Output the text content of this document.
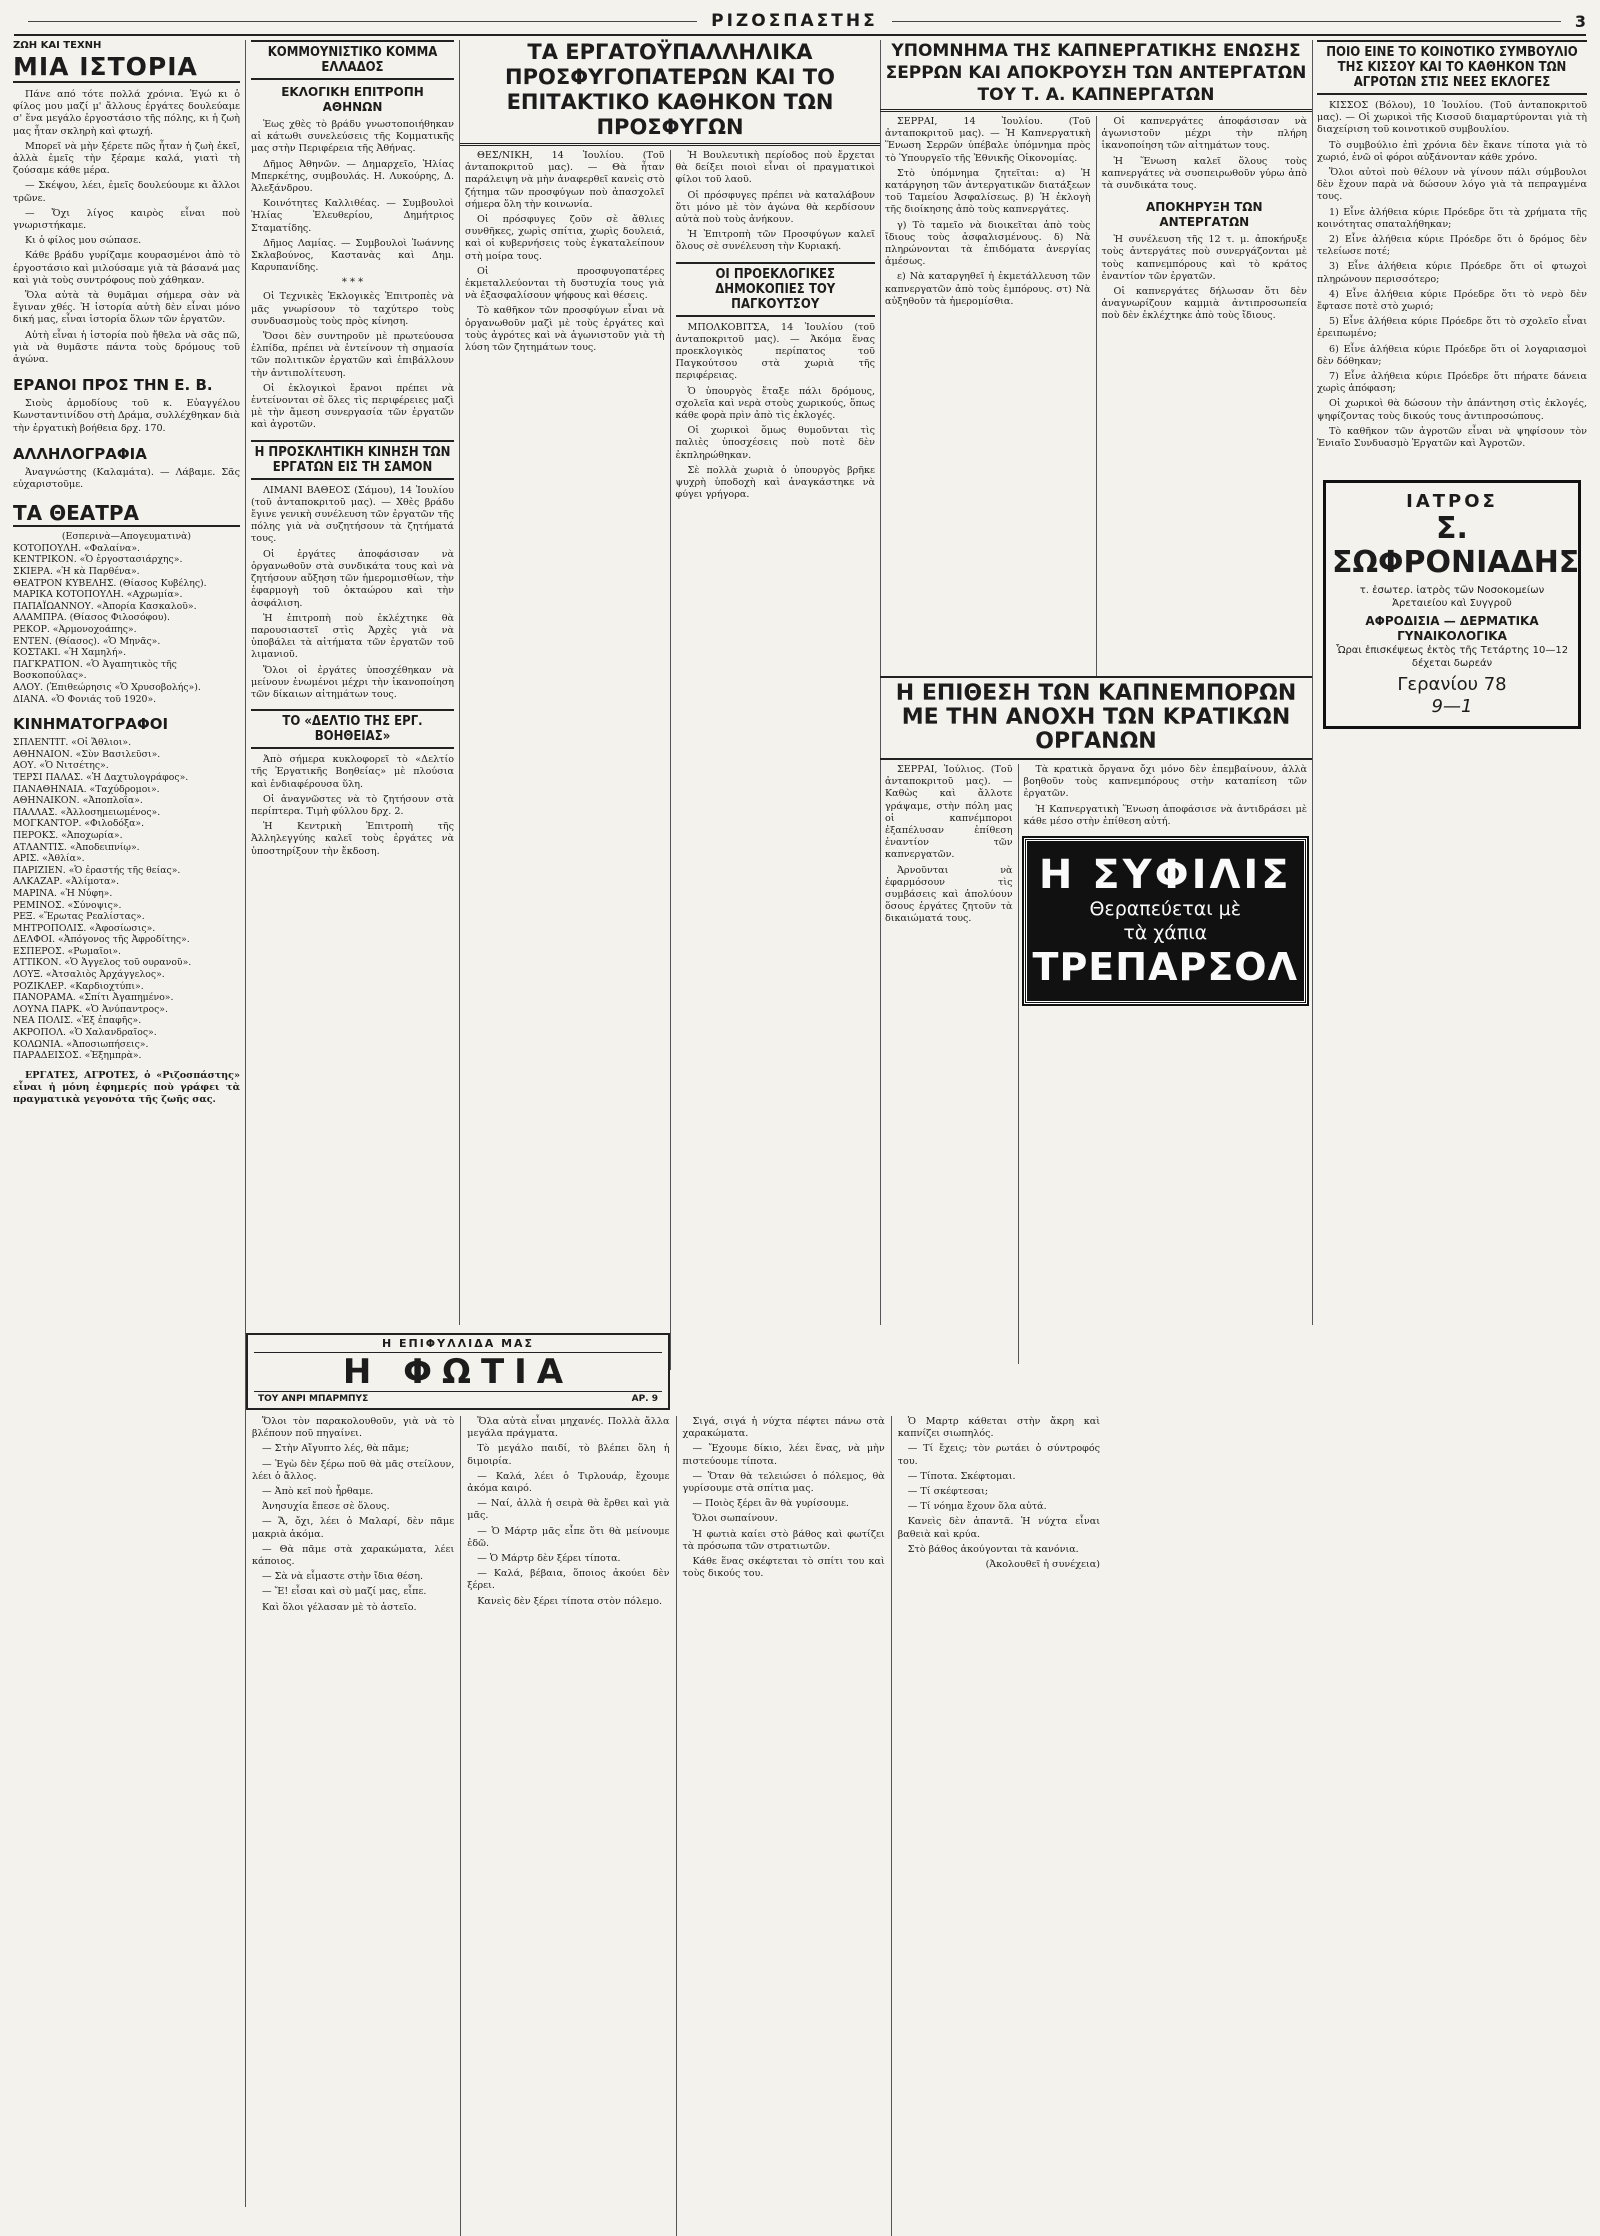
ΡΙΖΟΣΠΑΣΤΗΣ	3
ΖΩΗ ΚΑΙ ΤΕΧΝΗ
ΜΙΑ ΙΣΤΟΡΙΑ

Πάνε από τότε πολλά χρόνια. Ἐγώ κι ὁ φίλος μου μαζί μ' ἄλλους ἐργάτες δουλεύαμε σ' ἕνα μεγάλο ἐργοστάσιο τῆς πόλης, κι ἡ ζωὴ μας ἦταν σκληρὴ καὶ φτωχή.

Μπορεῖ νὰ μὴν ξέρετε πῶς ἦταν ἡ ζωὴ ἐκεῖ, ἀλλὰ ἐμεῖς τὴν ξέραμε καλά, γιατὶ τὴ ζούσαμε κάθε μέρα.

— Σκέψου, λέει, ἐμεῖς δουλεύουμε κι ἄλλοι τρῶνε.

— Ὄχι λίγος καιρὸς εἶναι ποὺ γνωριστήκαμε.

Κι ὁ φίλος μου σώπασε.

Κάθε βράδυ γυρίζαμε κουρασμένοι ἀπὸ τὸ ἐργοστάσιο καὶ μιλούσαμε γιὰ τὰ βάσανά μας καὶ γιὰ τοὺς συντρόφους ποὺ χάθηκαν.

Ὅλα αὐτὰ τὰ θυμᾶμαι σήμερα σὰν νὰ ἔγιναν χθές. Ἡ ἱστορία αὐτὴ δὲν εἶναι μόνο δική μας, εἶναι ἱστορία ὅλων τῶν ἐργατῶν.

Αὐτὴ εἶναι ἡ ἱστορία ποὺ ἤθελα νὰ σᾶς πῶ, γιὰ νὰ θυμᾶστε πάντα τοὺς δρόμους τοῦ ἀγώνα.

ΕΡΑΝΟΙ ΠΡΟΣ ΤΗΝ Ε. Β.

Σιοὺς ἀρμοδίους τοῦ κ. Εὐαγγέλου Κωνσταντινίδου στὴ Δράμα, συλλέχθηκαν διὰ τὴν ἐργατικὴ βοήθεια δρχ. 170.

ΑΛΛΗΛΟΓΡΑΦΙΑ

Ἀναγνώστης (Καλαμάτα). — Λάβαμε. Σᾶς εὐχαριστοῦμε.

ΤΑ ΘΕΑΤΡΑ
(Εσπερινὰ—Απογευματινὰ)

ΚΟΤΟΠΟΥΛΗ. «Φαλαίνα».

ΚΕΝΤΡΙΚΟΝ. «Ὁ ἐργοστασιάρχης».

ΣΚΙΕΡΑ. «Ἡ κὰ Παρθένα».

ΘΕΑΤΡΟΝ ΚΥΒΕΛΗΣ. (Θίασος Κυβέλης).

ΜΑΡΙΚΑ ΚΟΤΟΠΟΥΛΗ. «Αχρωμία».

ΠΑΠΑΪΩΑΝΝΟΥ. «Ἀπορία Κασκαλοῦ».

ΑΛΑΜΠΡΑ. (Θίασος Φιλοσόφου).

ΡΕΚΟΡ. «Ἀρμονοχοάπης».

ΕΝΤΕΝ. (Θίασος). «Ὁ Μηνᾶς».

ΚΟΣΤΑΚΙ. «Ἡ Χαμηλή».

ΠΑΓΚΡΑΤΙΟΝ. «Ὁ Ἀγαπητικὸς τῆς Βοσκοπούλας».

ΑΛΟΥ. (Ἐπιθεώρησις «Ὁ Χρυσοβολής»).

ΔΙΑΝΑ. «Ὁ Φονιάς τοῦ 1920».

ΚΙΝΗΜΑΤΟΓΡΑΦΟΙ

ΣΠΛΕΝΤΙΤ. «Οἱ Ἄθλιοι».

ΑΘΗΝΑΙΟΝ. «Σὺν Βασιλεῦσι».

ΑΟΥ. «Ὁ Νιτσέτης».

ΤΕΡΣΙ ΠΑΛΑΣ. «Ἡ Δαχτυλογράφος».

ΠΑΝΑΘΗΝΑΙΑ. «Ταχύδρομοι».

ΑΘΗΝΑΙΚΟΝ. «Ἀποπλοΐα».

ΠΑΛΛΑΣ. «Ἀλλοσημειωμένος».

ΜΟΓΚΑΝΤΟΡ. «Φιλοδόξα».

ΠΕΡΟΚΣ. «Ἀποχωρία».

ΑΤΛΑΝΤΙΣ. «Ἀποδειπνίῳ».

ΑΡΙΣ. «Ἀθλία».

ΠΑΡΙΖΙΕΝ. «Ὁ ἐραστής τῆς θείας».

ΑΛΚΑΖΑΡ. «Ἀλίμοτα».

ΜΑΡΙΝΑ. «Ἡ Νύφη».

ΡΕΜΙΝΟΣ. «Σύνοψις».

ΡΕΞ. «Ἔρωτας Ρεαλίστας».

ΜΗΤΡΟΠΟΛΙΣ. «Ἀφοσίωσις».

ΔΕΛΦΟΙ. «Ἀπόγονος τῆς Ἀφροδίτης».

ΕΣΠΕΡΟΣ. «Ρωμαῖοι».

ΑΤΤΙΚΟΝ. «Ὁ Ἀγγελος τοῦ ουρανοῦ».

ΛΟΥΞ. «Ἀτσαλιὸς Ἀρχάγγελος».

ΡΟΖΙΚΛΕΡ. «Καρδιοχτύπι».

ΠΑΝΟΡΑΜΑ. «Σπίτι Ἀγαπημένο».

ΛΟΥΝΑ ΠΑΡΚ. «Ὁ Ἀνύπαντρος».

ΝΕΑ ΠΟΛΙΣ. «Ἐξ ἐπαφῆς».

ΑΚΡΟΠΟΛ. «Ὁ Χαλανδραῖος».

ΚΟΛΩΝΙΑ. «Ἀποσιωπήσεις».

ΠΑΡΑΔΕΙΣΟΣ. «Ἐξημπρὰ».

ΕΡΓΑΤΕΣ, ΑΓΡΟΤΕΣ, ὁ «Ριζοσπάστης» εἶναι ἡ μόνη ἐφημερίς ποὺ γράφει τὰ πραγματικὰ γεγονότα τῆς ζωῆς σας.

ΚΟΜΜΟΥΝΙΣΤΙΚΟ ΚΟΜΜΑ ΕΛΛΑΔΟΣ
ΕΚΛΟΓΙΚΗ ΕΠΙΤΡΟΠΗ ΑΘΗΝΩΝ

Ἐως χθὲς τὸ βράδυ γνωστοποιήθηκαν αἱ κάτωθι συνελεύσεις τῆς Κομματικῆς μας στὴν Περιφέρεια τῆς Ἀθήνας.

Δῆμος Ἀθηνῶν. — Δημαρχεῖο, Ἠλίας Μπερκέτης, συμβουλάς. Η. Λυκούρης, Δ. Ἀλεξάνδρου.

Κοινότητες Καλλιθέας. — Συμβουλοὶ Ἠλίας Ἐλευθερίου, Δημήτριος Σταματίδης.

Δῆμος Λαμίας. — Συμβουλοὶ Ἰωάννης Σκλαβούνος, Καστανὰς καὶ Δημ. Καρυπανίδης.

* * *

Οἱ Τεχνικὲς Ἐκλογικὲς Ἐπιτροπὲς νὰ μᾶς γνωρίσουν τὸ ταχύτερο τοὺς συνδυασμοὺς τοὺς πρὸς κίνηση.

Ὅσοι δὲν συντηροῦν μὲ πρωτεύουσα ἐλπίδα, πρέπει νὰ ἐντείνουν τὴ σημασία τῶν πολιτικῶν ἐργατῶν καὶ ἐπιβάλλουν τὴν ἀντιπολίτευση.

Οἱ ἐκλογικοὶ ἔρανοι πρέπει νὰ ἐντείνονται σὲ ὅλες τὶς περιφέρειες μαζὶ μὲ τὴν ἄμεση συνεργασία τῶν ἐργατῶν καὶ ἀγροτῶν.

Η ΠΡΟΣΚΛΗΤΙΚΗ ΚΙΝΗΣΗ ΤΩΝ ΕΡΓΑΤΩΝ ΕΙΣ ΤΗ ΣΑΜΟΝ

ΛΙΜΑΝΙ ΒΑΘΕΟΣ (Σάμου), 14 Ἰουλίου (τοῦ ἀνταποκριτοῦ μας). — Χθὲς βράδυ ἔγινε γενικὴ συνέλευση τῶν ἐργατῶν τῆς πόλης γιὰ νὰ συζητήσουν τὰ ζητήματά τους.

Οἱ ἐργάτες ἀποφάσισαν νὰ ὀργανωθοῦν στὰ συνδικάτα τους καὶ νὰ ζητήσουν αὔξηση τῶν ἡμερομισθίων, τὴν ἐφαρμογὴ τοῦ ὀκταώρου καὶ τὴν ἀσφάλιση.

Ἡ ἐπιτροπὴ ποὺ ἐκλέχτηκε θὰ παρουσιαστεῖ στὶς Ἀρχὲς γιὰ νὰ ὑποβάλει τὰ αἰτήματα τῶν ἐργατῶν τοῦ λιμανιοῦ.

Ὅλοι οἱ ἐργάτες ὑποσχέθηκαν νὰ μείνουν ἑνωμένοι μέχρι τὴν ἱκανοποίηση τῶν δίκαιων αἰτημάτων τους.

ΤΟ «ΔΕΛΤΙΟ ΤΗΣ ΕΡΓ. ΒΟΗΘΕΙΑΣ»

Ἀπὸ σήμερα κυκλοφορεῖ τὸ «Δελτίο τῆς Ἐργατικῆς Βοηθείας» μὲ πλούσια καὶ ἐνδιαφέρουσα ὕλη.

Οἱ ἀναγνῶστες νὰ τὸ ζητήσουν στὰ περίπτερα. Τιμὴ φύλλου δρχ. 2.

Ἡ Κεντρικὴ Ἐπιτροπὴ τῆς Ἀλληλεγγύης καλεῖ τοὺς ἐργάτες νὰ ὑποστηρίξουν τὴν ἔκδοση.

ΤΑ ΕΡΓΑΤΟΫΠΑΛΛΗΛΙΚΑ ΠΡΟΣΦΥΓΟΠΑΤΕΡΩΝ ΚΑΙ ΤΟ ΕΠΙΤΑΚΤΙΚΟ ΚΑΘΗΚΟΝ ΤΩΝ ΠΡΟΣΦΥΓΩΝ

ΘΕΣ/ΝΙΚΗ, 14 Ἰουλίου. (Τοῦ ἀνταποκριτοῦ μας). — Θὰ ἦταν παράλειψη νὰ μὴν ἀναφερθεῖ κανεὶς στὸ ζήτημα τῶν προσφύγων ποὺ ἀπασχολεῖ σήμερα ὅλη τὴν κοινωνία.

Οἱ πρόσφυγες ζοῦν σὲ ἄθλιες συνθῆκες, χωρὶς σπίτια, χωρὶς δουλειά, καὶ οἱ κυβερνήσεις τοὺς ἐγκαταλείπουν στὴ μοίρα τους.

Οἱ προσφυγοπατέρες ἐκμεταλλεύονται τὴ δυστυχία τους γιὰ νὰ ἐξασφαλίσουν ψήφους καὶ θέσεις.

Τὸ καθῆκον τῶν προσφύγων εἶναι νὰ ὀργανωθοῦν μαζὶ μὲ τοὺς ἐργάτες καὶ τοὺς ἀγρότες καὶ νὰ ἀγωνιστοῦν γιὰ τὴ λύση τῶν ζητημάτων τους.

Ἡ Βουλευτικὴ περίοδος ποὺ ἔρχεται θὰ δείξει ποιοὶ εἶναι οἱ πραγματικοὶ φίλοι τοῦ λαοῦ.

Οἱ πρόσφυγες πρέπει νὰ καταλάβουν ὅτι μόνο μὲ τὸν ἀγώνα θὰ κερδίσουν αὐτὰ ποὺ τοὺς ἀνήκουν.

Ἡ Ἐπιτροπὴ τῶν Προσφύγων καλεῖ ὅλους σὲ συνέλευση τὴν Κυριακή.

ΟΙ ΠΡΟΕΚΛΟΓΙΚΕΣ ΔΗΜΟΚΟΠΙΕΣ ΤΟΥ ΠΑΓΚΟΥΤΣΟΥ

ΜΠΟΛΚΟΒΙΤΣΑ, 14 Ἰουλίου (τοῦ ἀνταποκριτοῦ μας). — Ἀκόμα ἕνας προεκλογικὸς περίπατος τοῦ Παγκούτσου στὰ χωριὰ τῆς περιφέρειας.

Ὁ ὑπουργὸς ἔταξε πάλι δρόμους, σχολεῖα καὶ νερὰ στοὺς χωρικούς, ὅπως κάθε φορὰ πρὶν ἀπὸ τὶς ἐκλογές.

Οἱ χωρικοὶ ὅμως θυμοῦνται τὶς παλιὲς ὑποσχέσεις ποὺ ποτὲ δὲν ἐκπληρώθηκαν.

Σὲ πολλὰ χωριὰ ὁ ὑπουργὸς βρῆκε ψυχρὴ ὑποδοχὴ καὶ ἀναγκάστηκε νὰ φύγει γρήγορα.

ΥΠΟΜΝΗΜΑ ΤΗΣ ΚΑΠΝΕΡΓΑΤΙΚΗΣ ΕΝΩΣΗΣ ΣΕΡΡΩΝ ΚΑΙ ΑΠΟΚΡΟΥΣΗ ΤΩΝ ΑΝΤΕΡΓΑΤΩΝ ΤΟΥ Τ. Α. ΚΑΠΝΕΡΓΑΤΩΝ

ΣΕΡΡΑΙ, 14 Ἰουλίου. (Τοῦ ἀνταποκριτοῦ μας). — Ἡ Καπνεργατικὴ Ἕνωση Σερρῶν ὑπέβαλε ὑπόμνημα πρὸς τὸ Ὑπουργεῖο τῆς Ἐθνικῆς Οἰκονομίας.

Στὸ ὑπόμνημα ζητεῖται: α) Ἡ κατάργηση τῶν ἀντεργατικῶν διατάξεων τοῦ Ταμείου Ἀσφαλίσεως. β) Ἡ ἐκλογὴ τῆς διοίκησης ἀπὸ τοὺς καπνεργάτες.

γ) Τὸ ταμεῖο νὰ διοικεῖται ἀπὸ τοὺς ἴδιους τοὺς ἀσφαλισμένους. δ) Νὰ πληρώνονται τὰ ἐπιδόματα ἀνεργίας ἀμέσως.

ε) Νὰ καταργηθεῖ ἡ ἐκμετάλλευση τῶν καπνεργατῶν ἀπὸ τοὺς ἐμπόρους. στ) Νὰ αὐξηθοῦν τὰ ἡμερομίσθια.

Οἱ καπνεργάτες ἀποφάσισαν νὰ ἀγωνιστοῦν μέχρι τὴν πλήρη ἱκανοποίηση τῶν αἰτημάτων τους.

Ἡ Ἕνωση καλεῖ ὅλους τοὺς καπνεργάτες νὰ συσπειρωθοῦν γύρω ἀπὸ τὰ συνδικάτα τους.

ΑΠΟΚΗΡΥΞΗ ΤΩΝ ΑΝΤΕΡΓΑΤΩΝ

Ἡ συνέλευση τῆς 12 τ. μ. ἀποκήρυξε τοὺς ἀντεργάτες ποὺ συνεργάζονται μὲ τοὺς καπνεμπόρους καὶ τὸ κράτος ἐναντίον τῶν ἐργατῶν.

Οἱ καπνεργάτες δήλωσαν ὅτι δὲν ἀναγνωρίζουν καμμιὰ ἀντιπροσωπεία ποὺ δὲν ἐκλέχτηκε ἀπὸ τοὺς ἴδιους.

Η ΕΠΙΘΕΣΗ ΤΩΝ ΚΑΠΝΕΜΠΟΡΩΝ ΜΕ ΤΗΝ ΑΝΟΧΗ ΤΩΝ ΚΡΑΤΙΚΩΝ ΟΡΓΑΝΩΝ

ΣΕΡΡΑΙ, Ἰούλιος. (Τοῦ ἀνταποκριτοῦ μας). — Καθὼς καὶ ἄλλοτε γράψαμε, στὴν πόλη μας οἱ καπνέμποροι ἐξαπέλυσαν ἐπίθεση ἐναντίον τῶν καπνεργατῶν.

Ἀρνοῦνται νὰ ἐφαρμόσουν τὶς συμβάσεις καὶ ἀπολύουν ὅσους ἐργάτες ζητοῦν τὰ δικαιώματά τους.

Τὰ κρατικὰ ὄργανα ὄχι μόνο δὲν ἐπεμβαίνουν, ἀλλὰ βοηθοῦν τοὺς καπνεμπόρους στὴν καταπίεση τῶν ἐργατῶν.

Ἡ Καπνεργατικὴ Ἕνωση ἀποφάσισε νὰ ἀντιδράσει μὲ κάθε μέσο στὴν ἐπίθεση αὐτή.

Η ΣΥΦΙΛΙΣ
Θεραπεύεται μὲ
τὰ χάπια
ΤΡΕΠΑΡΣΟΛ
ΠΟΙΟ ΕΙΝΕ ΤΟ ΚΟΙΝΟΤΙΚΟ ΣΥΜΒΟΥΛΙΟ ΤΗΣ ΚΙΣΣΟΥ ΚΑΙ ΤΟ ΚΑΘΗΚΟΝ ΤΩΝ ΑΓΡΟΤΩΝ ΣΤΙΣ ΝΕΕΣ ΕΚΛΟΓΕΣ

ΚΙΣΣΟΣ (Βόλου), 10 Ἰουλίου. (Τοῦ ἀνταποκριτοῦ μας). — Οἱ χωρικοὶ τῆς Κισσοῦ διαμαρτύρονται γιὰ τὴ διαχείριση τοῦ κοινοτικοῦ συμβουλίου.

Τὸ συμβούλιο ἐπὶ χρόνια δὲν ἔκανε τίποτα γιὰ τὸ χωριό, ἐνῶ οἱ φόροι αὐξάνονταν κάθε χρόνο.

Ὅλοι αὐτοὶ ποὺ θέλουν νὰ γίνουν πάλι σύμβουλοι δὲν ἔχουν παρὰ νὰ δώσουν λόγο γιὰ τὰ πεπραγμένα τους.

1) Εἶνε ἀλήθεια κύριε Πρόεδρε ὅτι τὰ χρήματα τῆς κοινότητας σπαταλήθηκαν;

2) Εἶνε ἀλήθεια κύριε Πρόεδρε ὅτι ὁ δρόμος δὲν τελείωσε ποτέ;

3) Εἶνε ἀλήθεια κύριε Πρόεδρε ὅτι οἱ φτωχοὶ πληρώνουν περισσότερο;

4) Εἶνε ἀλήθεια κύριε Πρόεδρε ὅτι τὸ νερὸ δὲν ἔφτασε ποτὲ στὸ χωριό;

5) Εἶνε ἀλήθεια κύριε Πρόεδρε ὅτι τὸ σχολεῖο εἶναι ἐρειπωμένο;

6) Εἶνε ἀλήθεια κύριε Πρόεδρε ὅτι οἱ λογαριασμοὶ δὲν δόθηκαν;

7) Εἶνε ἀλήθεια κύριε Πρόεδρε ὅτι πήρατε δάνεια χωρὶς ἀπόφαση;

Οἱ χωρικοὶ θὰ δώσουν τὴν ἀπάντηση στὶς ἐκλογές, ψηφίζοντας τοὺς δικούς τους ἀντιπροσώπους.

Τὸ καθῆκον τῶν ἀγροτῶν εἶναι νὰ ψηφίσουν τὸν Ἑνιαῖο Συνδυασμὸ Ἐργατῶν καὶ Ἀγροτῶν.

ΙΑΤΡΟΣ
Σ. ΣΩΦΡΟΝΙΑΔΗΣ
τ. ἐσωτερ. ἰατρὸς τῶν Νοσοκομείων Ἀρεταιείου καὶ Συγγροῦ
ΑΦΡΟΔΙΣΙΑ — ΔΕΡΜΑΤΙΚΑ ΓΥΝΑΙΚΟΛΟΓΙΚΑ
Ὧραι ἐπισκέψεως ἐκτὸς τῆς Τετάρτης 10—12 δέχεται δωρεάν
Γερανίου 78
9—1
Η ΕΠΙΦΥΛΛΙΔΑ ΜΑΣ
Η ΦΩΤΙΑ
ΤΟΥ ΑΝΡΙ ΜΠΑΡΜΠΥΣ	ΑΡ. 9

Ὅλοι τὸν παρακολουθοῦν, γιὰ νὰ τὸ βλέπουν ποῦ πηγαίνει.

— Στὴν Αἴγυπτο λές, θὰ πᾶμε;

— Ἐγὼ δὲν ξέρω ποῦ θὰ μᾶς στείλουν, λέει ὁ ἄλλος.

— Ἀπὸ κεῖ ποὺ ἦρθαμε.

Ἀνησυχία ἔπεσε σὲ ὅλους.

— Ἄ, ὄχι, λέει ὁ Μαλαρί, δὲν πᾶμε μακριὰ ἀκόμα.

— Θὰ πᾶμε στὰ χαρακώματα, λέει κάποιος.

— Σὰ νὰ εἶμαστε στὴν ἴδια θέση.

— Ἔ! εἶσαι καὶ σὺ μαζί μας, εἶπε.

Καὶ ὅλοι γέλασαν μὲ τὸ ἀστεῖο.

Ὅλα αὐτὰ εἶναι μηχανές. Πολλὰ ἄλλα μεγάλα πράγματα.

Τὸ μεγάλο παιδί, τὸ βλέπει ὅλη ἡ διμοιρία.

— Καλά, λέει ὁ Τιρλουάρ, ἔχουμε ἀκόμα καιρό.

— Ναί, ἀλλὰ ἡ σειρὰ θὰ ἔρθει καὶ γιὰ μᾶς.

— Ὁ Μάρτρ μᾶς εἶπε ὅτι θὰ μείνουμε ἐδῶ.

— Ὁ Μάρτρ δὲν ξέρει τίποτα.

— Καλά, βέβαια, ὅποιος ἀκούει δὲν ξέρει.

Κανεὶς δὲν ξέρει τίποτα στὸν πόλεμο.

Σιγά, σιγά ἡ νύχτα πέφτει πάνω στὰ χαρακώματα.

— Ἔχουμε δίκιο, λέει ἕνας, νὰ μὴν πιστεύουμε τίποτα.

— Ὅταν θὰ τελειώσει ὁ πόλεμος, θὰ γυρίσουμε στὰ σπίτια μας.

— Ποιὸς ξέρει ἂν θὰ γυρίσουμε.

Ὅλοι σωπαίνουν.

Ἡ φωτιὰ καίει στὸ βάθος καὶ φωτίζει τὰ πρόσωπα τῶν στρατιωτῶν.

Κάθε ἕνας σκέφτεται τὸ σπίτι του καὶ τοὺς δικούς του.

Ὁ Μαρτρ κάθεται στὴν ἄκρη καὶ καπνίζει σιωπηλός.

— Τί ἔχεις; τὸν ρωτάει ὁ σύντροφός του.

— Τίποτα. Σκέφτομαι.

— Τί σκέφτεσαι;

— Τί νόημα ἔχουν ὅλα αὐτά.

Κανεὶς δὲν ἀπαντᾶ. Ἡ νύχτα εἶναι βαθειὰ καὶ κρύα.

Στὸ βάθος ἀκούγονται τὰ κανόνια.

(Ἀκολουθεῖ ἡ συνέχεια)
